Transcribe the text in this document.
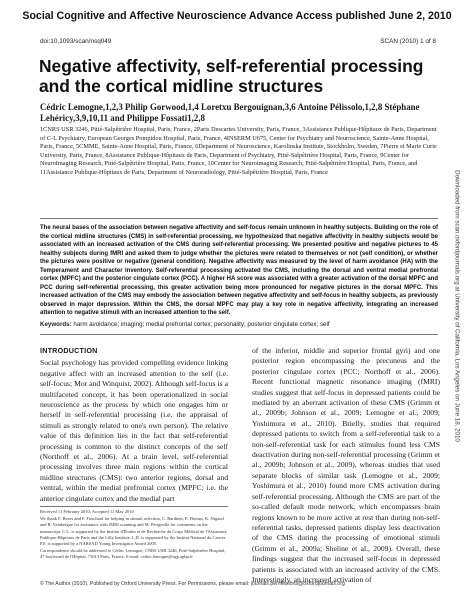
Social Cognitive and Affective Neuroscience Advance Access published June 2, 2010
doi:10.1093/scan/nsq049	SCAN (2010) 1 of 8
Negative affectivity, self-referential processing and the cortical midline structures
Cédric Lemogne,1,2,3 Philip Gorwood,1,4 Loretxu Bergouignan,3,6 Antoine Pélissolo,1,2,8 Stéphane Lehéricy,3,9,10,11 and Philippe Fossati1,2,8
1CNRS USR 3246, Pitié-Salpêtrière Hospital, Paris, France, 2Paris Descartes University, Paris, France, 3Assistance Publique-Hôpitaux de Paris, Department of C-L Psychiatry, European Georges Pompidou Hospital, Paris, France, 4INSERM U675, Center for Psychiatry and Neuroscience, Sainte-Anne Hospital, Paris, France, 5CMME, Sainte-Anne Hospital, Paris, France, 6Department of Neuroscience, Karolinska Institute, Stockholm, Sweden, 7Pierre et Marie Curie University, Paris, France, 8Assistance Publique-Hôpitaux de Paris, Department of Psychiatry, Pitié-Salpêtrière Hospital, Paris, France, 9Center for NeuroImaging Research, Pitié-Salpêtrière Hospital, Paris, France, 10Center for Neuroimaging Research, Pitié-Salpêtrière Hospital, Paris, France, and 11Assistance Publique-Hôpitaux de Paris, Department of Neuroradiology, Pitié-Salpêtrière Hospital, Paris, France
The neural bases of the association between negative affectivity and self-focus remain unknown in healthy subjects. Building on the role of the cortical midline structures (CMS) in self-referential processing, we hypothesized that negative affectivity in healthy subjects would be associated with an increased activation of the CMS during self-referential processing. We presented positive and negative pictures to 45 healthy subjects during fMRI and asked them to judge whether the pictures were related to themselves or not (self condition), or whether the pictures were positive or negative (general condition). Negative affectivity was measured by the level of harm avoidance (HA) with the Temperament and Character Inventory. Self-referential processing activated the CMS, including the dorsal and ventral medial prefrontal cortex (MPFC) and the posterior cingulate cortex (PCC). A higher HA score was associated with a greater activation of the dorsal MPFC and PCC during self-referential processing, this greater activation being more pronounced for negative pictures in the dorsal MPFC. This increased activation of the CMS may embody the association between negative affectivity and self-focus in healthy subjects, as previously observed in major depression. Within the CMS, the dorsal MPFC may play a key role in negative affectivity, integrating an increased attention to negative stimuli with an increased attention to the self.
Keywords: harm avoidance; imaging; medial prefrontal cortex; personality; posterior cingulate cortex; self
INTRODUCTION

Social psychology has provided compelling evidence linking negative affect with an increased attention to the self (i.e. self-focus; Mor and Winquist, 2002). Although self-focus is a multifaceted concept, it has been operationalized in social neuroscience as the process by which one engages him or herself in self-referential processing (i.e. the appraisal of stimuli as strongly related to one's own person). The relative value of this definition lies in the fact that self-referential processing is common to the distinct concepts of the self (Northoff et al., 2006). At a brain level, self-referential processing involves three main regions within the cortical midline structures (CMS): two anterior regions, dorsal and ventral, within the medial prefrontal cortex (MPFC; i.e. the anterior cingulate cortex and the medial part

of the inferior, middle and superior frontal gyri) and one posterior region encompassing the precuneus and the posterior cingulate cortex (PCC; Northoff et al., 2006). Recent functional magnetic resonance imaging (fMRI) studies suggest that self-focus in depressed patients could be mediated by an aberrant activation of these CMS (Grimm et al., 2009b; Johnson et al., 2009; Lemogne et al., 2009; Yoshimura et al., 2010). Briefly, studies that required depressed patients to switch from a self-referential task to a non-self-referential task for each stimulus found less CMS deactivation during non-self-referential processing (Grimm et al., 2009b; Johnson et al., 2009), whereas studies that used separate blocks of similar task (Lemogne et al., 2009; Yoshimura et al., 2010) found more CMS activation during self-referential processing. Although the CMS are part of the so-called default mode network, which encompasses brain regions known to be more active at rest than during non-self-referential tasks, depressed patients display less deactivation of the CMS during the processing of emotional stimuli (Grimm et al., 2009a; Sheline et al., 2009). Overall, these findings suggest that the increased self-focus in depressed patients is associated with an increased activity of the CMS. Interestingly, an increased activation of

Received 11 February 2010; Accepted 11 May 2010

We thank F. Bezes and F. Fouchard for helping in stimuli selection, C. Bardinet, E. Bertasi, K. Nigaud and R. Valabrègue for assistance with fMRI scanning and M. Pérignolle for comments on the manuscript. C.L. is supported by the Institut d'Études et de Recherche du Corps Médical de l'Assistance Publique-Hôpitaux de Paris and the Lilly Institute. L.B. is supported by the Institut National du Cancer. P.F. is supported by a NARSAD Young Investigator Award 2005.

Correspondence should be addressed to Cédric Lemogne, CNRS USR 3246, Pitié-Salpêtrière Hospital, 47 boulevard de l'Hôpital, 75013 Paris, France. E-mail: cedric.lemogne@egp.aphp.fr

© The Author (2010). Published by Oxford University Press. For Permissions, please email: journals.permissions@oxfordjournals.org
Downloaded from scan.oxfordjournals.org at University of California, Los Angeles on June 18, 2010
